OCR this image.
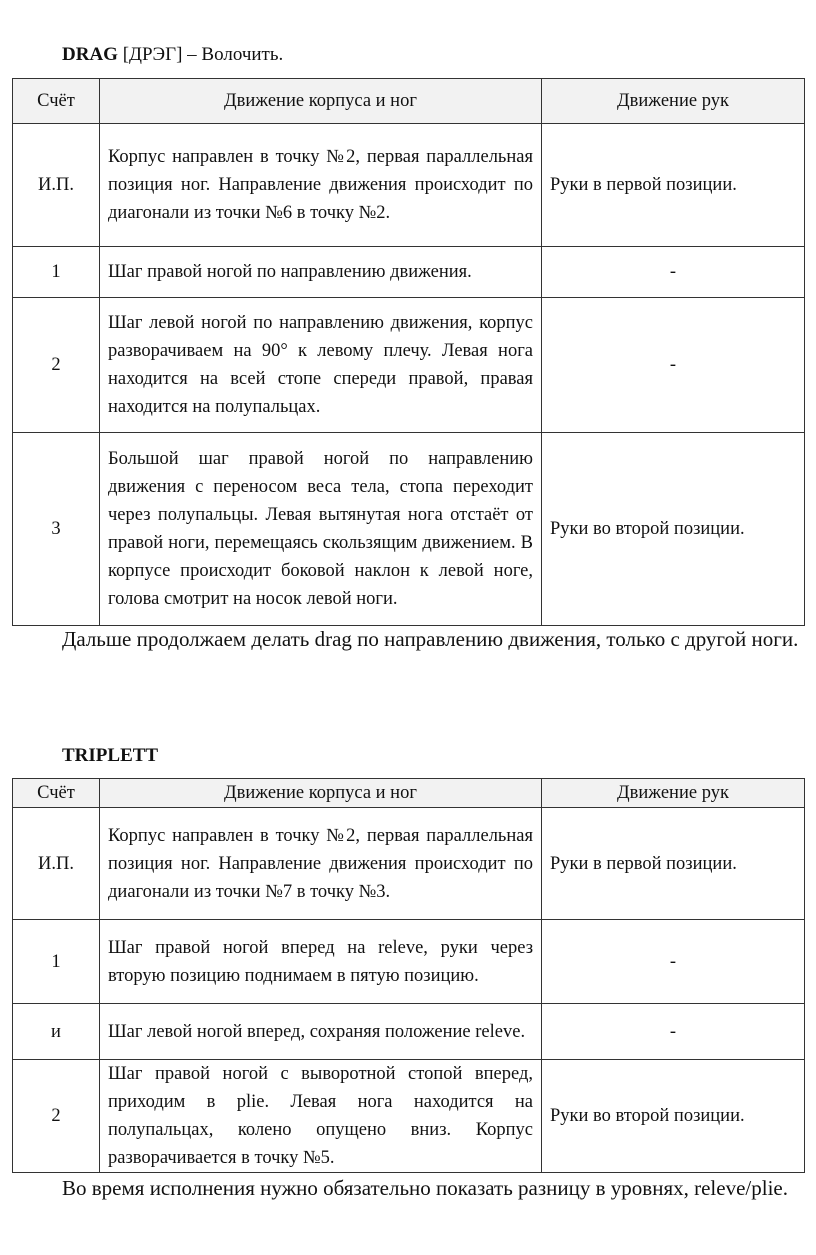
DRAG [ДРЭГ] – Волочить.
Счёт	Движение корпуса и ног	Движение рук
И.П.	Корпус направлен в точку №2, первая параллельная позиция ног. Направление движения происходит по диагонали из точки №6 в точку №2.	Руки в первой позиции.
1	Шаг правой ногой по направлению движения.	-
2	Шаг левой ногой по направлению движения, корпус разворачиваем на 90° к левому плечу. Левая нога находится на всей стопе спереди правой, правая находится на полупальцах.	-
3	Большой шаг правой ногой по направлению движения с переносом веса тела, стопа переходит через полупальцы. Левая вытянутая нога отстаёт от правой ноги, перемещаясь скользящим движением. В корпусе происходит боковой наклон к левой ноге, голова смотрит на носок левой ноги.	Руки во второй позиции.
Дальше продолжаем делать drag по направлению движения, только с другой ноги.
TRIPLETT
Счёт	Движение корпуса и ног	Движение рук
И.П.	Корпус направлен в точку №2, первая параллельная позиция ног. Направление движения происходит по диагонали из точки №7 в точку №3.	Руки в первой позиции.
1	Шаг правой ногой вперед на releve, руки через вторую позицию поднимаем в пятую позицию.	-
и	Шаг левой ногой вперед, сохраняя положение releve.	-
2	Шаг правой ногой с выворотной стопой вперед, приходим в plie. Левая нога находится на полупальцах, колено опущено вниз. Корпус разворачивается в точку №5.	Руки во второй позиции.
Во время исполнения нужно обязательно показать разницу в уровнях, releve/plie.
